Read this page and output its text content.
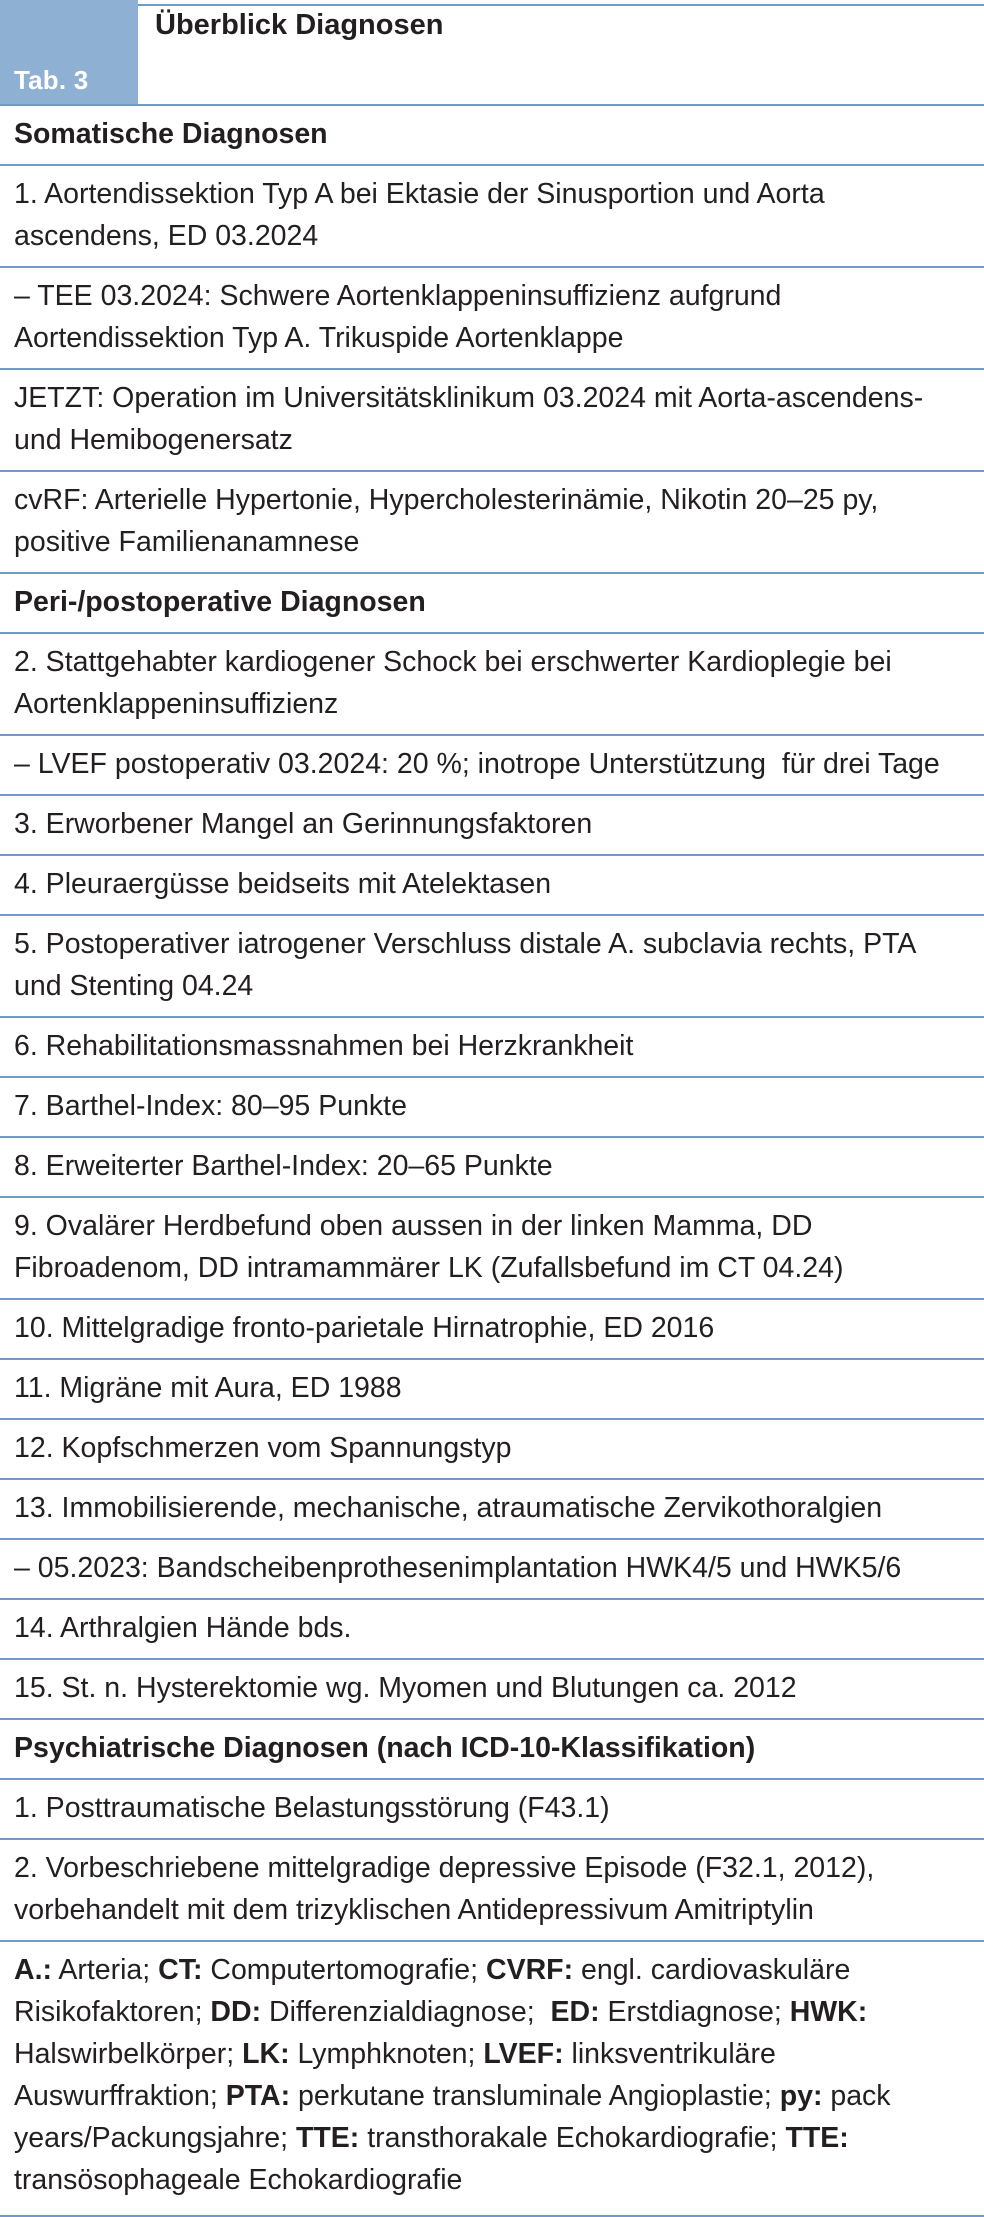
Tab. 3
Überblick Diagnosen
Somatische Diagnosen
1. Aortendissektion Typ A bei Ektasie der Sinusportion und Aorta ascendens, ED 03.2024
– TEE 03.2024: Schwere Aortenklappeninsuffizienz aufgrund Aortendissektion Typ A. Trikuspide Aortenklappe
JETZT: Operation im Universitätsklinikum 03.2024 mit Aorta-ascendens- und Hemibogenersatz
cvRF: Arterielle Hypertonie, Hypercholesterinämie, Nikotin 20–25 py, positive Familienanamnese
Peri-/postoperative Diagnosen
2. Stattgehabter kardiogener Schock bei erschwerter Kardioplegie bei Aortenklappeninsuffizienz
– LVEF postoperativ 03.2024: 20 %; inotrope Unterstützung  für drei Tage
3. Erworbener Mangel an Gerinnungsfaktoren
4. Pleuraergüsse beidseits mit Atelektasen
5. Postoperativer iatrogener Verschluss distale A. subclavia rechts, PTA und Stenting 04.24
6. Rehabilitationsmassnahmen bei Herzkrankheit
7. Barthel-Index: 80–95 Punkte
8. Erweiterter Barthel-Index: 20–65 Punkte
9. Ovalärer Herdbefund oben aussen in der linken Mamma, DD Fibroadenom, DD intramammärer LK (Zufallsbefund im CT 04.24)
10. Mittelgradige fronto-parietale Hirnatrophie, ED 2016
11. Migräne mit Aura, ED 1988
12. Kopfschmerzen vom Spannungstyp
13. Immobilisierende, mechanische, atraumatische Zervikothoralgien
– 05.2023: Bandscheibenprothesenimplantation HWK4/5 und HWK5/6
14. Arthralgien Hände bds.
15. St. n. Hysterektomie wg. Myomen und Blutungen ca. 2012
Psychiatrische Diagnosen (nach ICD-10-Klassifikation)
1. Posttraumatische Belastungsstörung (F43.1)
2. Vorbeschriebene mittelgradige depressive Episode (F32.1, 2012), vorbehandelt mit dem trizyklischen Antidepressivum Amitriptylin
A.: Arteria; CT: Computertomografie; CVRF: engl. cardiovaskuläre Risikofaktoren; DD: Differenzialdiagnose;  ED: Erstdiagnose; HWK: Halswirbelkörper; LK: Lymphknoten; LVEF: linksventrikuläre Auswurffraktion; PTA: perkutane transluminale Angioplastie; py: pack years/Packungsjahre; TTE: transthorakale Echokardiografie; TTE: transösophageale Echokardiografie
